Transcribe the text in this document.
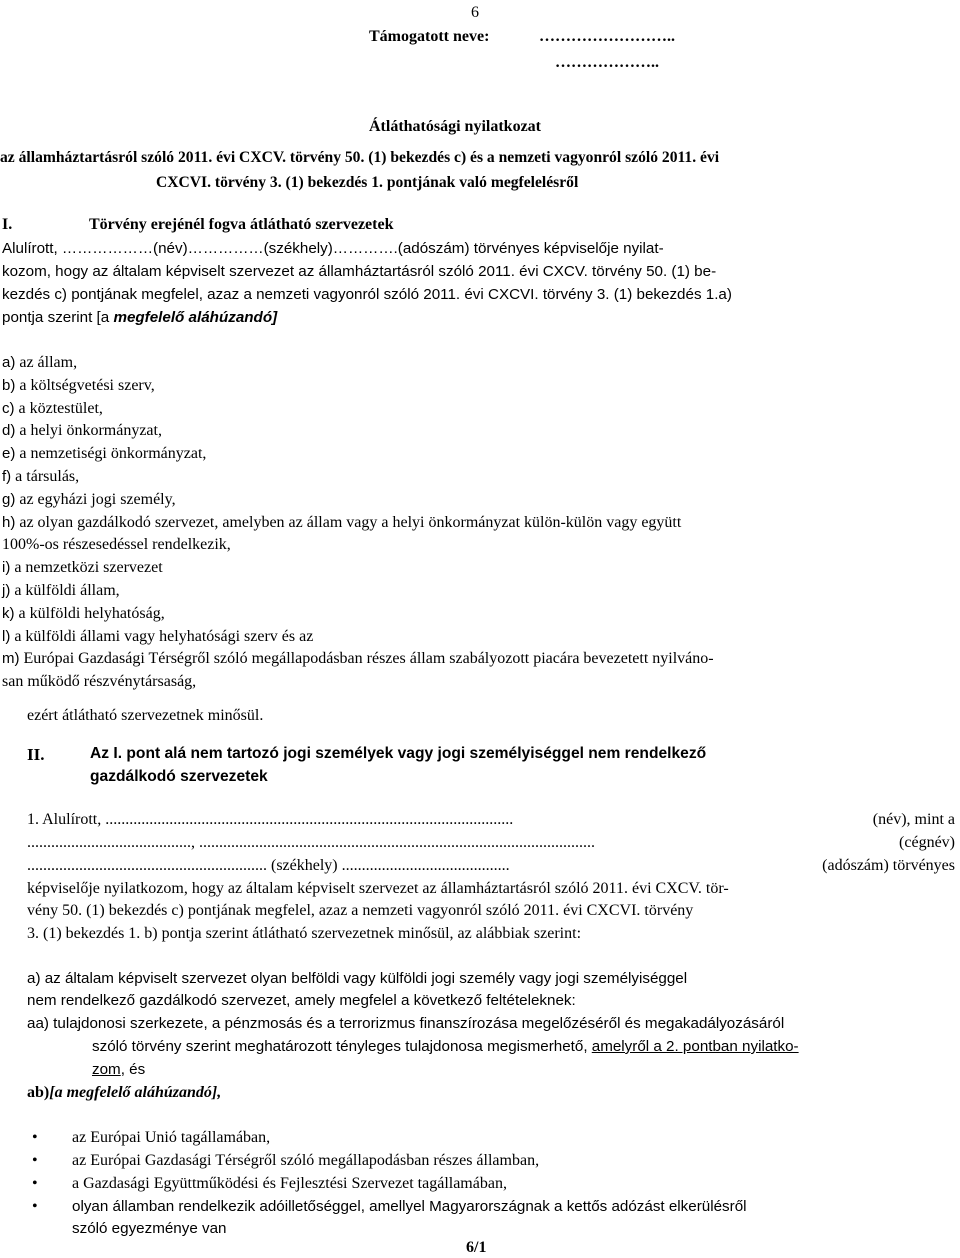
6
Támogatott neve:	……………………..
………………..
Átláthatósági nyilatkozat
az államháztartásról szóló 2011. évi CXCV. törvény 50. (1) bekezdés c) és a nemzeti vagyonról szóló 2011. évi
CXCVI. törvény 3. (1) bekezdés 1. pontjának való megfelelésről
I.	Törvény erejénél fogva átlátható szervezetek
Alulírott, ………………(név)……………(székhely)………….(adószám) törvényes képviselője nyilat-
kozom, hogy az általam képviselt szervezet az államháztartásról szóló 2011. évi CXCV. törvény 50. (1) be-
kezdés c) pontjának megfelel, azaz a nemzeti vagyonról szóló 2011. évi CXCVI. törvény 3. (1) bekezdés 1.a)
pontja szerint [a megfelelő aláhúzandó]
a) az állam,
b) a költségvetési szerv,
c) a köztestület,
d) a helyi önkormányzat,
e) a nemzetiségi önkormányzat,
f) a társulás,
g) az egyházi jogi személy,
h) az olyan gazdálkodó szervezet, amelyben az állam vagy a helyi önkormányzat külön-külön vagy együtt
100%-os részesedéssel rendelkezik,
i) a nemzetközi szervezet
j) a külföldi állam,
k) a külföldi helyhatóság,
l) a külföldi állami vagy helyhatósági szerv és az
m) Európai Gazdasági Térségről szóló megállapodásban részes állam szabályozott piacára bevezetett nyilváno-
san működő részvénytársaság,
ezért átlátható szervezetnek minősül.
II.	Az I. pont alá nem tartozó jogi személyek vagy jogi személyiséggel nem rendelkező
gazdálkodó szervezetek
1. Alulírott, ......................................................................................................	(név), mint a
........................................., ...................................................................................................	(cégnév)
............................................................ (székhely) ..........................................	(adószám) törvényes
képviselője nyilatkozom, hogy az általam képviselt szervezet az államháztartásról szóló 2011. évi CXCV. tör-
vény 50. (1) bekezdés c) pontjának megfelel, azaz a nemzeti vagyonról szóló 2011. évi CXCVI. törvény
3. (1) bekezdés 1. b) pontja szerint átlátható szervezetnek minősül, az alábbiak szerint:
a) az általam képviselt szervezet olyan belföldi vagy külföldi jogi személy vagy jogi személyiséggel
nem rendelkező gazdálkodó szervezet, amely megfelel a következő feltételeknek:
aa) tulajdonosi szerkezete, a pénzmosás és a terrorizmus finanszírozása megelőzéséről és megakadályozásáról
szóló törvény szerint meghatározott tényleges tulajdonosa megismerhető, amelyről a 2. pontban nyilatko-
zom, és
ab)[a megfelelő aláhúzandó],
• az Európai Unió tagállamában,
• az Európai Gazdasági Térségről szóló megállapodásban részes államban,
• a Gazdasági Együttműködési és Fejlesztési Szervezet tagállamában,
• olyan államban rendelkezik adóilletőséggel, amellyel Magyarországnak a kettős adózást elkerülésről
szóló egyezménye van
6/1
